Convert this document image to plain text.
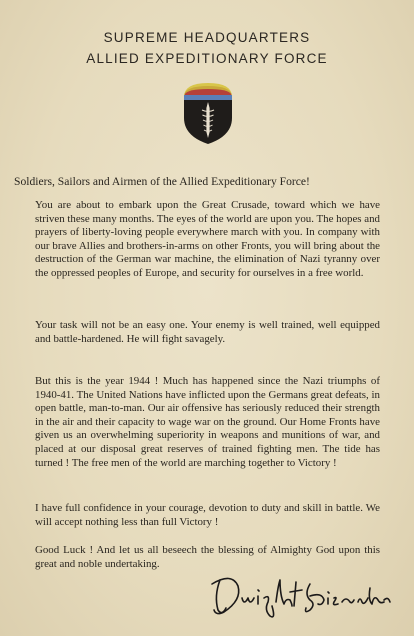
SUPREME HEADQUARTERS
ALLIED EXPEDITIONARY FORCE
Soldiers, Sailors and Airmen of the Allied Expeditionary Force!
You are about to embark upon the Great Crusade, toward which we have striven these many months. The eyes of the world are upon you. The hopes and prayers of liberty-loving people everywhere march with you. In company with our brave Allies and brothers-in-arms on other Fronts, you will bring about the destruction of the German war machine, the elimination of Nazi tyranny over the oppressed peoples of Europe, and security for ourselves in a free world.
Your task will not be an easy one. Your enemy is well trained, well equipped and battle-hardened. He will fight savagely.
But this is the year 1944 ! Much has happened since the Nazi triumphs of 1940-41. The United Nations have inflicted upon the Germans great defeats, in open battle, man-to-man. Our air offensive has seriously reduced their strength in the air and their capacity to wage war on the ground. Our Home Fronts have given us an overwhelming superiority in weapons and munitions of war, and placed at our disposal great reserves of trained fighting men. The tide has turned ! The free men of the world are marching together to Victory !
I have full confidence in your courage, devotion to duty and skill in battle. We will accept nothing less than full Victory !
Good Luck ! And let us all beseech the blessing of Almighty God upon this great and noble undertaking.
